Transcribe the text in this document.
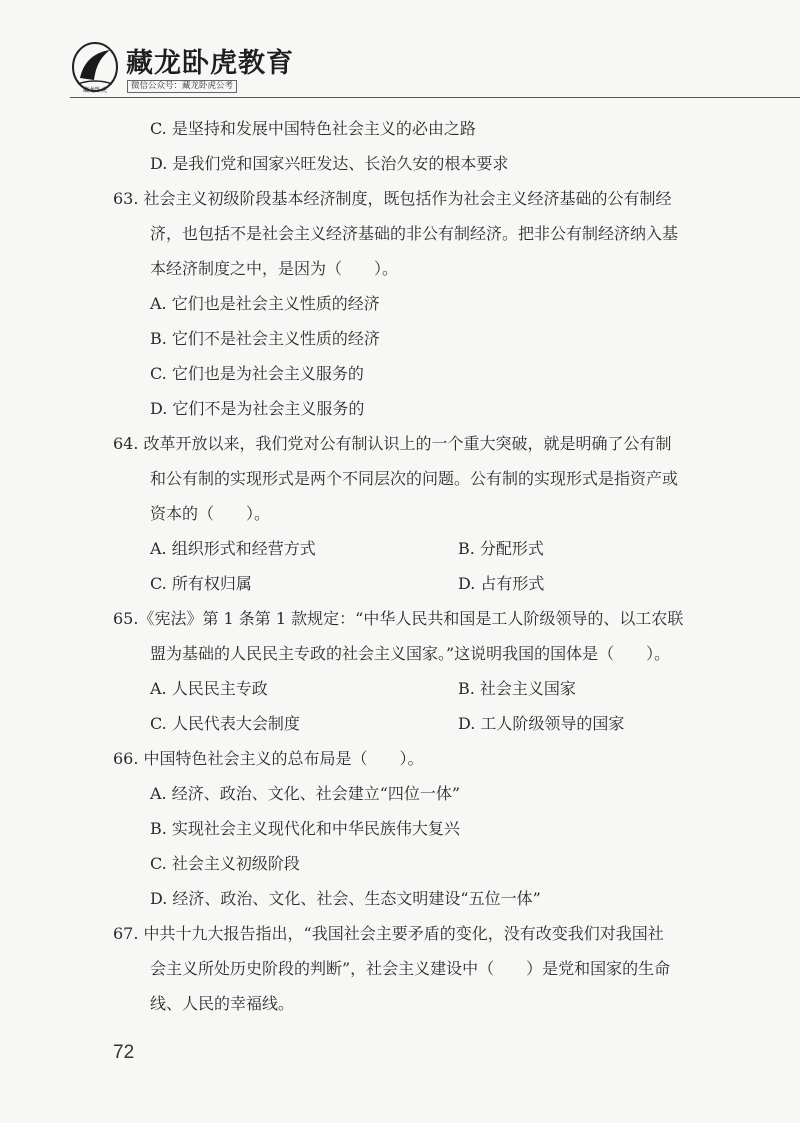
藏龙卧虎
藏龙卧虎教育
微信公众号：藏龙卧虎公考
C. 是坚持和发展中国特色社会主义的必由之路
D. 是我们党和国家兴旺发达、长治久安的根本要求
63. 社会主义初级阶段基本经济制度，既包括作为社会主义经济基础的公有制经
济，也包括不是社会主义经济基础的非公有制经济。把非公有制经济纳入基
本经济制度之中，是因为（　　）。
A. 它们也是社会主义性质的经济
B. 它们不是社会主义性质的经济
C. 它们也是为社会主义服务的
D. 它们不是为社会主义服务的
64. 改革开放以来，我们党对公有制认识上的一个重大突破，就是明确了公有制
和公有制的实现形式是两个不同层次的问题。公有制的实现形式是指资产或
资本的（　　）。
A. 组织形式和经营方式	B. 分配形式
C. 所有权归属	D. 占有形式
65.《宪法》第 1 条第 1 款规定：“中华人民共和国是工人阶级领导的、以工农联
盟为基础的人民民主专政的社会主义国家。”这说明我国的国体是（　　）。
A. 人民民主专政	B. 社会主义国家
C. 人民代表大会制度	D. 工人阶级领导的国家
66. 中国特色社会主义的总布局是（　　）。
A. 经济、政治、文化、社会建立“四位一体”
B. 实现社会主义现代化和中华民族伟大复兴
C. 社会主义初级阶段
D. 经济、政治、文化、社会、生态文明建设“五位一体”
67. 中共十九大报告指出，“我国社会主要矛盾的变化，没有改变我们对我国社
会主义所处历史阶段的判断”，社会主义建设中（　　）是党和国家的生命
线、人民的幸福线。
72
